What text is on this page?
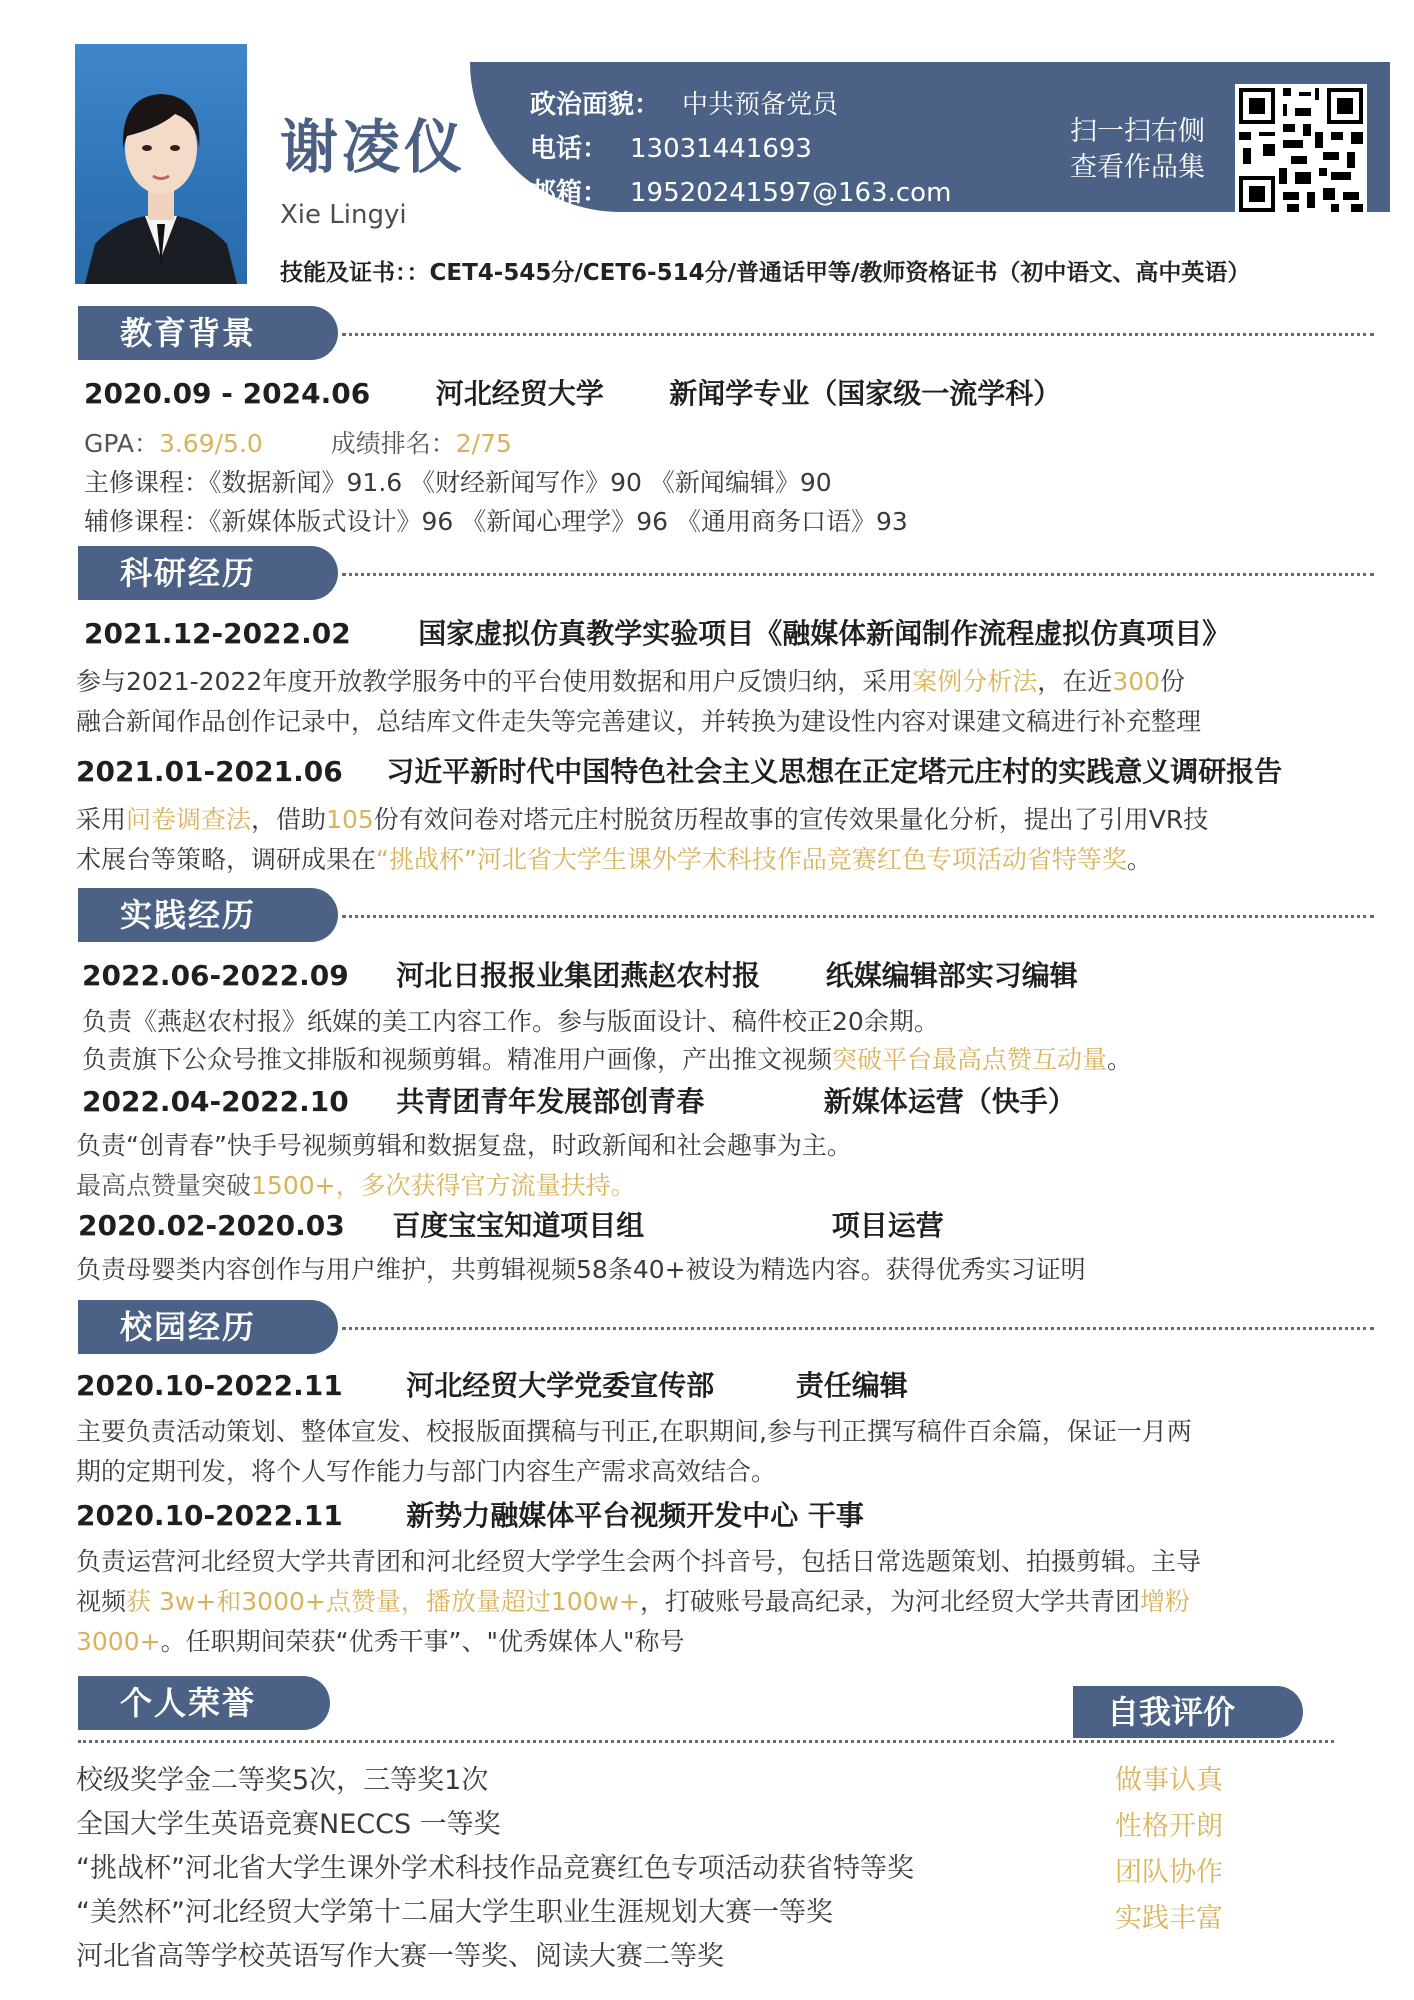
谢凌仪
Xie Lingyi
政治面貌： 中共预备党员
电话： 13031441693
邮箱： 19520241597@163.com
扫一扫右侧
查看作品集
技能及证书：：CET4-545分/CET6-514分/普通话甲等/教师资格证书（初中语文、高中英语）
教育背景
2020.09 - 2024.06 河北经贸大学 新闻学专业（国家级一流学科）
GPA：3.69/5.0	成绩排名：2/75
主修课程：《数据新闻》91.6 《财经新闻写作》90 《新闻编辑》90
辅修课程：《新媒体版式设计》96 《新闻心理学》96 《通用商务口语》93
科研经历
2021.12-2022.02 国家虚拟仿真教学实验项目《融媒体新闻制作流程虚拟仿真项目》
参与2021-2022年度开放教学服务中的平台使用数据和用户反馈归纳，采用案例分析法，在近300份
融合新闻作品创作记录中，总结库文件走失等完善建议，并转换为建设性内容对课建文稿进行补充整理
2021.01-2021.06 习近平新时代中国特色社会主义思想在正定塔元庄村的实践意义调研报告
采用问卷调查法，借助105份有效问卷对塔元庄村脱贫历程故事的宣传效果量化分析，提出了引用VR技
术展台等策略，调研成果在“挑战杯”河北省大学生课外学术科技作品竞赛红色专项活动省特等奖。
实践经历
2022.06-2022.09 河北日报报业集团燕赵农村报 纸媒编辑部实习编辑
负责《燕赵农村报》纸媒的美工内容工作。参与版面设计、稿件校正20余期。
负责旗下公众号推文排版和视频剪辑。精准用户画像，产出推文视频突破平台最高点赞互动量。
2022.04-2022.10 共青团青年发展部创青春	新媒体运营（快手）
负责“创青春”快手号视频剪辑和数据复盘，时政新闻和社会趣事为主。
最高点赞量突破1500+，多次获得官方流量扶持。
2020.02-2020.03 百度宝宝知道项目组	项目运营
负责母婴类内容创作与用户维护，共剪辑视频58条40+被设为精选内容。获得优秀实习证明
校园经历
2020.10-2022.11 河北经贸大学党委宣传部	责任编辑
主要负责活动策划、整体宣发、校报版面撰稿与刊正,在职期间,参与刊正撰写稿件百余篇，保证一月两
期的定期刊发，将个人写作能力与部门内容生产需求高效结合。
2020.10-2022.11 新势力融媒体平台视频开发中心 干事
负责运营河北经贸大学共青团和河北经贸大学学生会两个抖音号，包括日常选题策划、拍摄剪辑。主导
视频获 3w+和3000+点赞量，播放量超过100w+，打破账号最高纪录，为河北经贸大学共青团增粉
3000+。任职期间荣获“优秀干事”、"优秀媒体人"称号
个人荣誉	自我评价
校级奖学金二等奖5次，三等奖1次
全国大学生英语竞赛NECCS 一等奖
“挑战杯”河北省大学生课外学术科技作品竞赛红色专项活动获省特等奖
“美然杯”河北经贸大学第十二届大学生职业生涯规划大赛一等奖
河北省高等学校英语写作大赛一等奖、阅读大赛二等奖
做事认真
性格开朗
团队协作
实践丰富
